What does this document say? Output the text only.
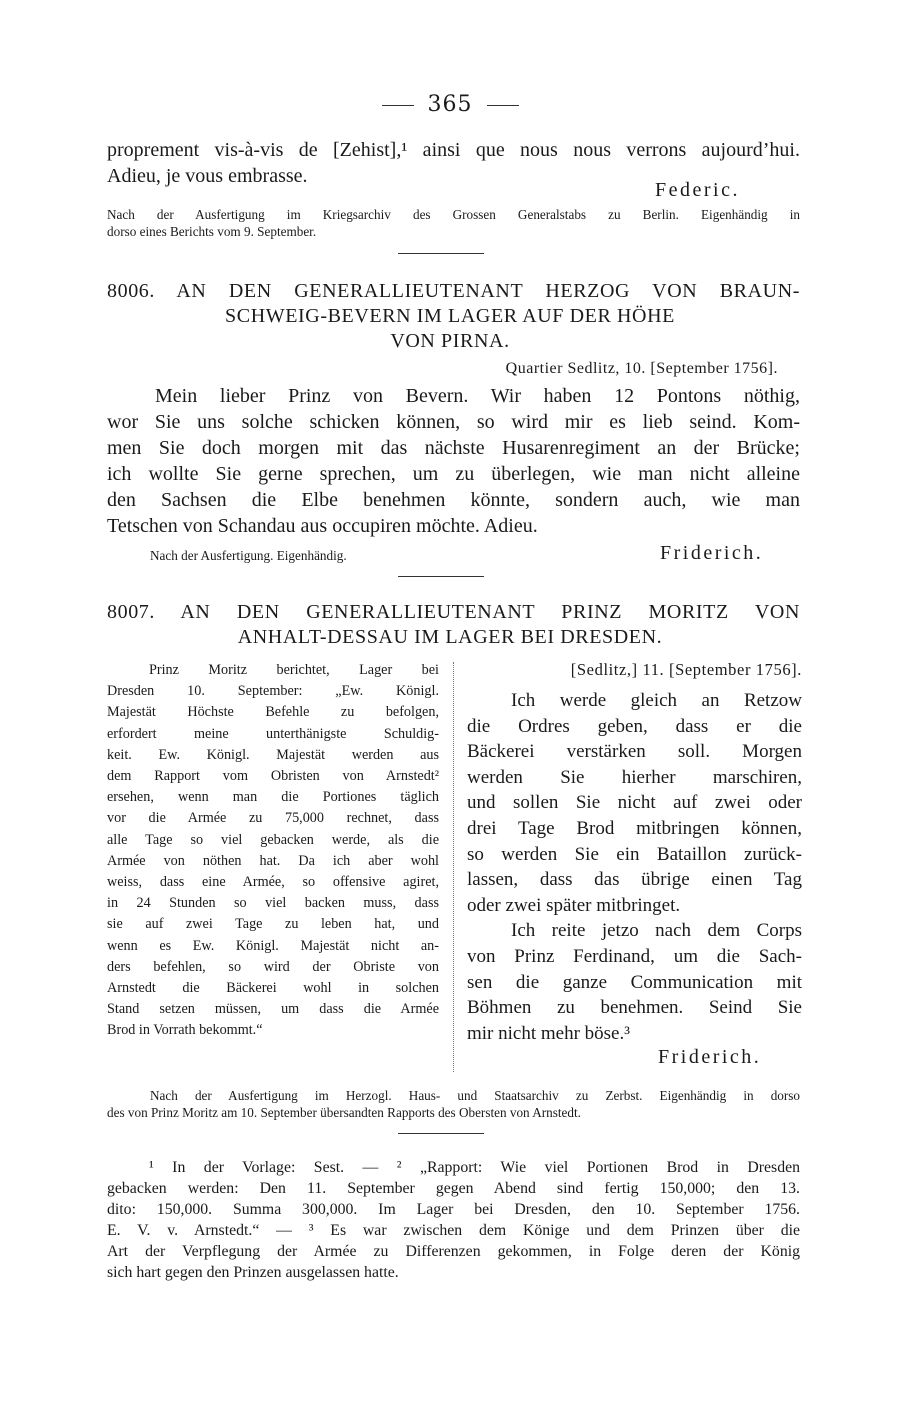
365
proprement vis-à-vis de [Zehist],¹ ainsi que nous nous verrons aujourd’hui.
Adieu, je vous embrasse.
Federic.
Nach der Ausfertigung im Kriegsarchiv des Grossen Generalstabs zu Berlin. Eigenhändig in
dorso eines Berichts vom 9. September.
8006. AN DEN GENERALLIEUTENANT HERZOG VON BRAUN-
SCHWEIG-BEVERN IM LAGER AUF DER HÖHE
VON PIRNA.
Quartier Sedlitz, 10. [September 1756].
Mein lieber Prinz von Bevern. Wir haben 12 Pontons nöthig,
wor Sie uns solche schicken können, so wird mir es lieb seind. Kom-
men Sie doch morgen mit das nächste Husarenregiment an der Brücke;
ich wollte Sie gerne sprechen, um zu überlegen, wie man nicht alleine
den Sachsen die Elbe benehmen könnte, sondern auch, wie man
Tetschen von Schandau aus occupiren möchte. Adieu.
Nach der Ausfertigung. Eigenhändig.	Friderich.
8007. AN DEN GENERALLIEUTENANT PRINZ MORITZ VON
ANHALT-DESSAU IM LAGER BEI DRESDEN.
Prinz Moritz berichtet, Lager bei
Dresden 10. September: „Ew. Königl.
Majestät Höchste Befehle zu befolgen,
erfordert meine unterthänigste Schuldig-
keit. Ew. Königl. Majestät werden aus
dem Rapport vom Obristen von Arnstedt²
ersehen, wenn man die Portiones täglich
vor die Armée zu 75,000 rechnet, dass
alle Tage so viel gebacken werde, als die
Armée von nöthen hat. Da ich aber wohl
weiss, dass eine Armée, so offensive agiret,
in 24 Stunden so viel backen muss, dass
sie auf zwei Tage zu leben hat, und
wenn es Ew. Königl. Majestät nicht an-
ders befehlen, so wird der Obriste von
Arnstedt die Bäckerei wohl in solchen
Stand setzen müssen, um dass die Armée
Brod in Vorrath bekommt.“
[Sedlitz,] 11. [September 1756].
Ich werde gleich an Retzow
die Ordres geben, dass er die
Bäckerei verstärken soll. Morgen
werden Sie hierher marschiren,
und sollen Sie nicht auf zwei oder
drei Tage Brod mitbringen können,
so werden Sie ein Bataillon zurück-
lassen, dass das übrige einen Tag
oder zwei später mitbringet.
Ich reite jetzo nach dem Corps
von Prinz Ferdinand, um die Sach-
sen die ganze Communication mit
Böhmen zu benehmen. Seind Sie
mir nicht mehr böse.³
Friderich.
Nach der Ausfertigung im Herzogl. Haus- und Staatsarchiv zu Zerbst. Eigenhändig in dorso
des von Prinz Moritz am 10. September übersandten Rapports des Obersten von Arnstedt.
¹ In der Vorlage: Sest. — ² „Rapport: Wie viel Portionen Brod in Dresden
gebacken werden: Den 11. September gegen Abend sind fertig 150,000; den 13.
dito: 150,000. Summa 300,000. Im Lager bei Dresden, den 10. September 1756.
E. V. v. Arnstedt.“ — ³ Es war zwischen dem Könige und dem Prinzen über die
Art der Verpflegung der Armée zu Differenzen gekommen, in Folge deren der König
sich hart gegen den Prinzen ausgelassen hatte.
